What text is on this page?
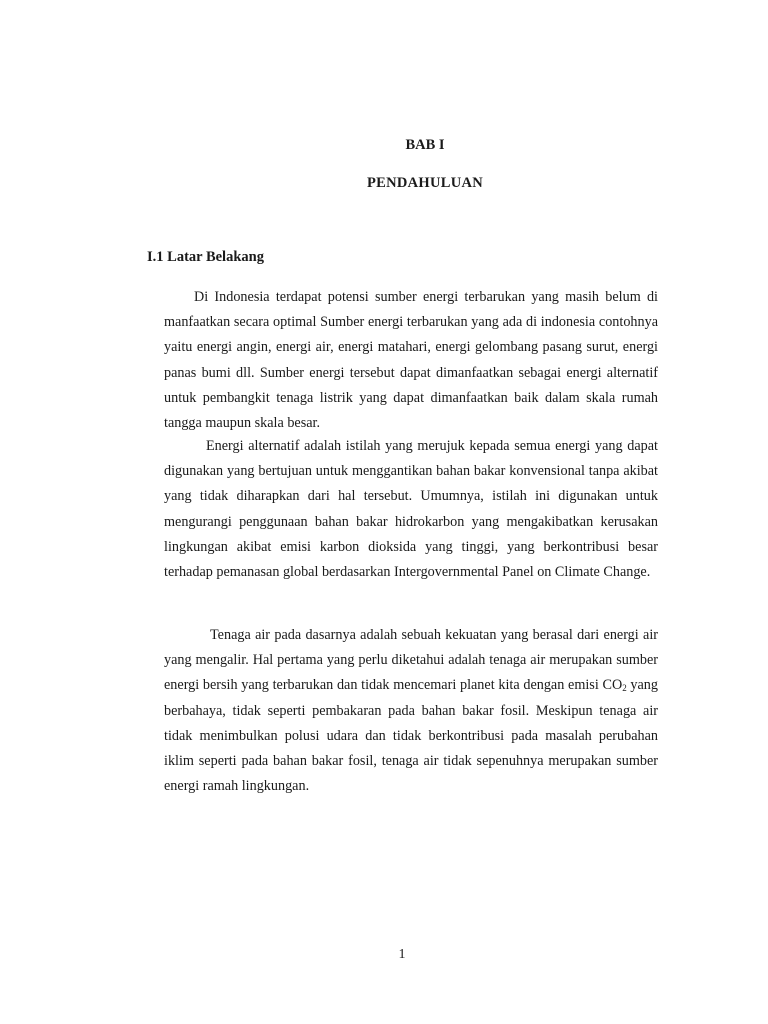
BAB I
PENDAHULUAN
I.1 Latar Belakang

Di Indonesia terdapat potensi sumber energi terbarukan yang masih belum di manfaatkan secara optimal Sumber energi terbarukan yang ada di indonesia contohnya yaitu energi angin, energi air, energi matahari, energi gelombang pasang surut, energi panas bumi dll. Sumber energi tersebut dapat dimanfaatkan sebagai energi alternatif untuk pembangkit tenaga listrik yang dapat dimanfaatkan baik dalam skala rumah tangga maupun skala besar.

Energi alternatif adalah istilah yang merujuk kepada semua energi yang dapat digunakan yang bertujuan untuk menggantikan bahan bakar konvensional tanpa akibat yang tidak diharapkan dari hal tersebut. Umumnya, istilah ini digunakan untuk mengurangi penggunaan bahan bakar hidrokarbon yang mengakibatkan kerusakan lingkungan akibat emisi karbon dioksida yang tinggi, yang berkontribusi besar terhadap pemanasan global berdasarkan Intergovernmental Panel on Climate Change.

Tenaga air pada dasarnya adalah sebuah kekuatan yang berasal dari energi air yang mengalir. Hal pertama yang perlu diketahui adalah tenaga air merupakan sumber energi bersih yang terbarukan dan tidak mencemari planet kita dengan emisi $CO_2$ yang berbahaya, tidak seperti pembakaran pada bahan bakar fosil. Meskipun tenaga air tidak menimbulkan polusi udara dan tidak berkontribusi pada masalah perubahan iklim seperti pada bahan bakar fosil, tenaga air tidak sepenuhnya merupakan sumber energi ramah lingkungan.

1
